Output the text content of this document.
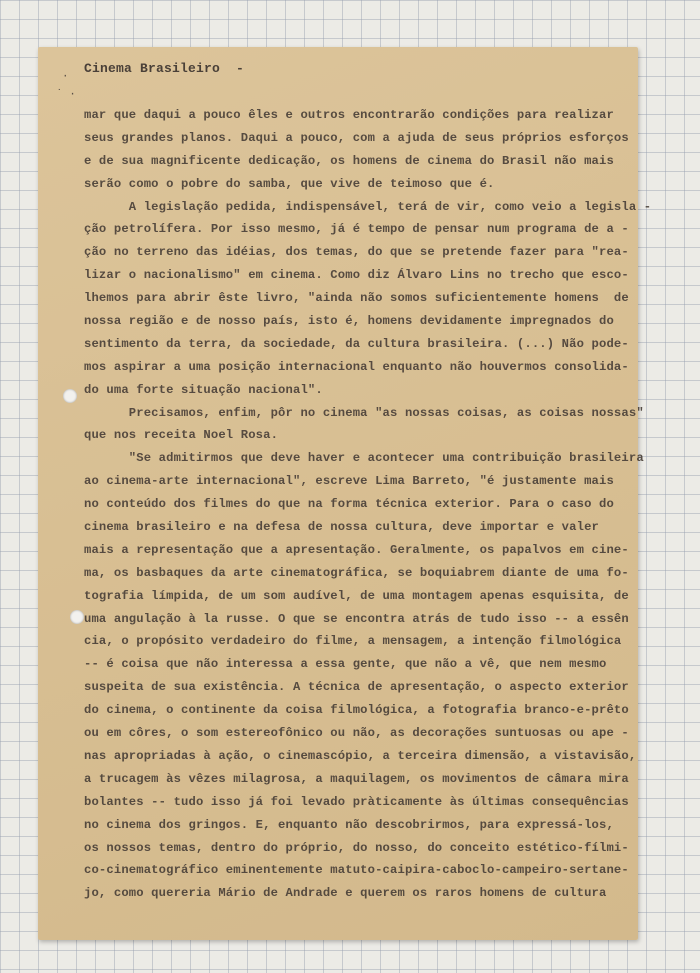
·
˙ ·
Cinema Brasileiro  -
mar que daqui a pouco êles e outros encontrarão condições para realizar
seus grandes planos. Daqui a pouco, com a ajuda de seus próprios esforços
e de sua magnificente dedicação, os homens de cinema do Brasil não mais
serão como o pobre do samba, que vive de teimoso que é.
A legislação pedida, indispensável, terá de vir, como veio a legisla -
ção petrolífera. Por isso mesmo, já é tempo de pensar num programa de a -
ção no terreno das idéias, dos temas, do que se pretende fazer para "rea-
lizar o nacionalismo" em cinema. Como diz Álvaro Lins no trecho que esco-
lhemos para abrir êste livro, "ainda não somos suficientemente homens  de
nossa região e de nosso país, isto é, homens devidamente impregnados do
sentimento da terra, da sociedade, da cultura brasileira. (...) Não pode-
mos aspirar a uma posição internacional enquanto não houvermos consolida-
do uma forte situação nacional".
Precisamos, enfim, pôr no cinema "as nossas coisas, as coisas nossas"
que nos receita Noel Rosa.
"Se admitirmos que deve haver e acontecer uma contribuição brasileira
ao cinema-arte internacional", escreve Lima Barreto, "é justamente mais
no conteúdo dos filmes do que na forma técnica exterior. Para o caso do
cinema brasileiro e na defesa de nossa cultura, deve importar e valer
mais a representação que a apresentação. Geralmente, os papalvos em cine-
ma, os basbaques da arte cinematográfica, se boquiabrem diante de uma fo-
tografia límpida, de um som audível, de uma montagem apenas esquisita, de
uma angulação à la russe. O que se encontra atrás de tudo isso -- a essên
cia, o propósito verdadeiro do filme, a mensagem, a intenção filmológica
-- é coisa que não interessa a essa gente, que não a vê, que nem mesmo
suspeita de sua existência. A técnica de apresentação, o aspecto exterior
do cinema, o continente da coisa filmológica, a fotografia branco-e-prêto
ou em côres, o som estereofônico ou não, as decorações suntuosas ou ape -
nas apropriadas à ação, o cinemascópio, a terceira dimensão, a vistavisão,
a trucagem às vêzes milagrosa, a maquilagem, os movimentos de câmara mira
bolantes -- tudo isso já foi levado pràticamente às últimas consequências
no cinema dos gringos. E, enquanto não descobrirmos, para expressá-los,
os nossos temas, dentro do próprio, do nosso, do conceito estético-fílmi-
co-cinematográfico eminentemente matuto-caipira-caboclo-campeiro-sertane-
jo, como quereria Mário de Andrade e querem os raros homens de cultura
